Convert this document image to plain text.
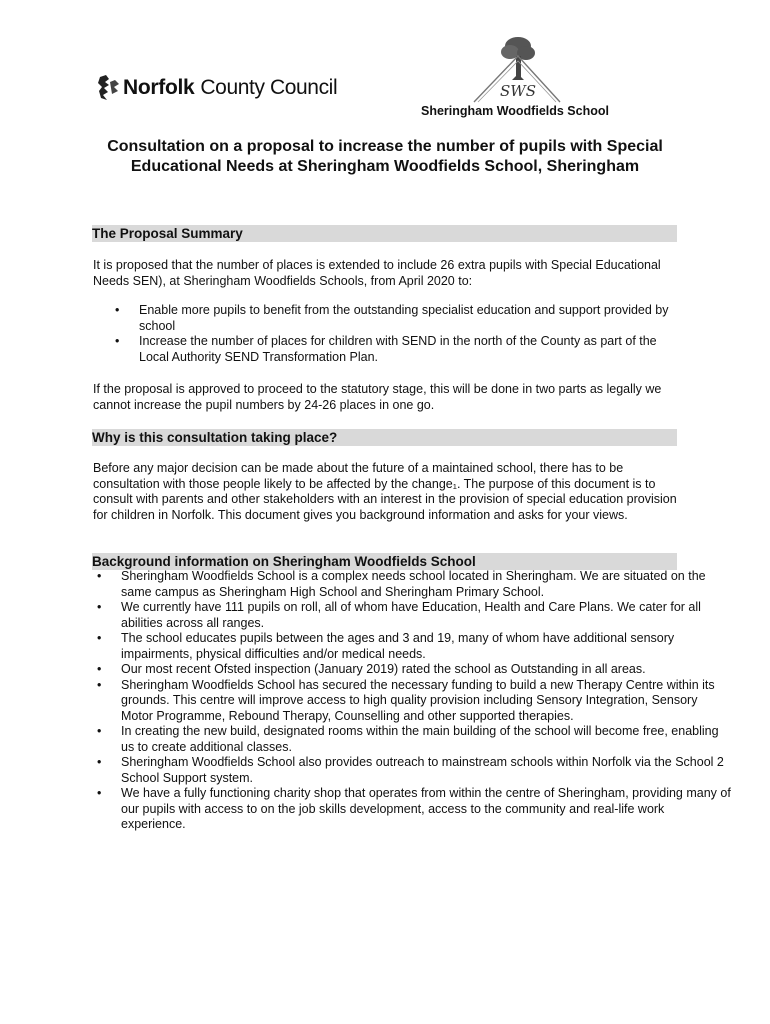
Norfolk County Council	SWS
Sheringham Woodfields School
Consultation on a proposal to increase the number of pupils with Special Educational Needs at Sheringham Woodfields School, Sheringham
The Proposal Summary
It is proposed that the number of places is extended to include 26 extra pupils with Special Educational Needs SEN), at Sheringham Woodfields Schools, from April 2020 to:
• Enable more pupils to benefit from the outstanding specialist education and support provided by school
• Increase the number of places for children with SEND in the north of the County as part of the Local Authority SEND Transformation Plan.
If the proposal is approved to proceed to the statutory stage, this will be done in two parts as legally we cannot increase the pupil numbers by 24-26 places in one go.
Why is this consultation taking place?
Before any major decision can be made about the future of a maintained school, there has to be consultation with those people likely to be affected by the change₁. The purpose of this document is to consult with parents and other stakeholders with an interest in the provision of special education provision for children in Norfolk. This document gives you background information and asks for your views.
Background information on Sheringham Woodfields School
• Sheringham Woodfields School is a complex needs school located in Sheringham. We are situated on the same campus as Sheringham High School and Sheringham Primary School.
• We currently have 111 pupils on roll, all of whom have Education, Health and Care Plans. We cater for all abilities across all ranges.
• The school educates pupils between the ages and 3 and 19, many of whom have additional sensory impairments, physical difficulties and/or medical needs.
• Our most recent Ofsted inspection (January 2019) rated the school as Outstanding in all areas.
• Sheringham Woodfields School has secured the necessary funding to build a new Therapy Centre within its grounds. This centre will improve access to high quality provision including Sensory Integration, Sensory Motor Programme, Rebound Therapy, Counselling and other supported therapies.
• In creating the new build, designated rooms within the main building of the school will become free, enabling us to create additional classes.
• Sheringham Woodfields School also provides outreach to mainstream schools within Norfolk via the School 2 School Support system.
• We have a fully functioning charity shop that operates from within the centre of Sheringham, providing many of our pupils with access to on the job skills development, access to the community and real-life work experience.
